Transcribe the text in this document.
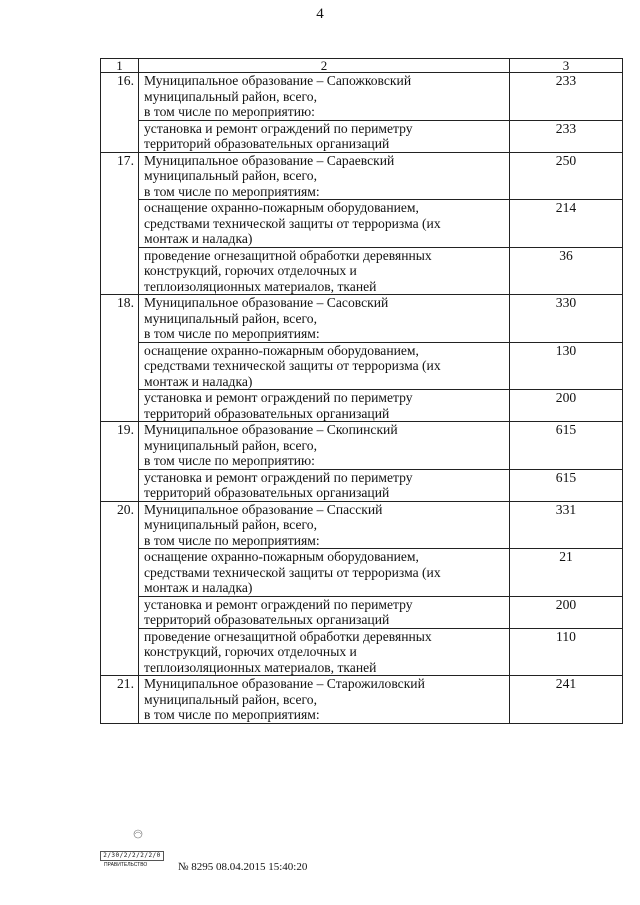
4
1	2	3
16.	Муниципальное образование – Сапожковский
муниципальный район, всего,
в том числе по мероприятию:	233

	установка и ремонт ограждений по периметру
территорий образовательных организаций	233
17.	Муниципальное образование – Сараевский
муниципальный район, всего,
в том числе по мероприятиям:	250

	оснащение охранно-пожарным оборудованием,
средствами технической защиты от терроризма (их
монтаж и наладка)	214

	проведение огнезащитной обработки деревянных
конструкций, горючих отделочных и
теплоизоляционных материалов, тканей	36
18.	Муниципальное образование – Сасовский
муниципальный район, всего,
в том числе по мероприятиям:	330

	оснащение охранно-пожарным оборудованием,
средствами технической защиты от терроризма (их
монтаж и наладка)	130

	установка и ремонт ограждений по периметру
территорий образовательных организаций	200
19.	Муниципальное образование – Скопинский
муниципальный район, всего,
в том числе по мероприятию:	615

	установка и ремонт ограждений по периметру
территорий образовательных организаций	615
20.	Муниципальное образование – Спасский
муниципальный район, всего,
в том числе по мероприятиям:	331

	оснащение охранно-пожарным оборудованием,
средствами технической защиты от терроризма (их
монтаж и наладка)	21

	установка и ремонт ограждений по периметру
территорий образовательных организаций	200

	проведение огнезащитной обработки деревянных
конструкций, горючих отделочных и
теплоизоляционных материалов, тканей	110
21.	Муниципальное образование – Старожиловский
муниципальный район, всего,
в том числе по мероприятиям:	241
2/30/2/2/2/2/0
ПРАВИТЕЛЬСТВО	№ 8295 08.04.2015 15:40:20
